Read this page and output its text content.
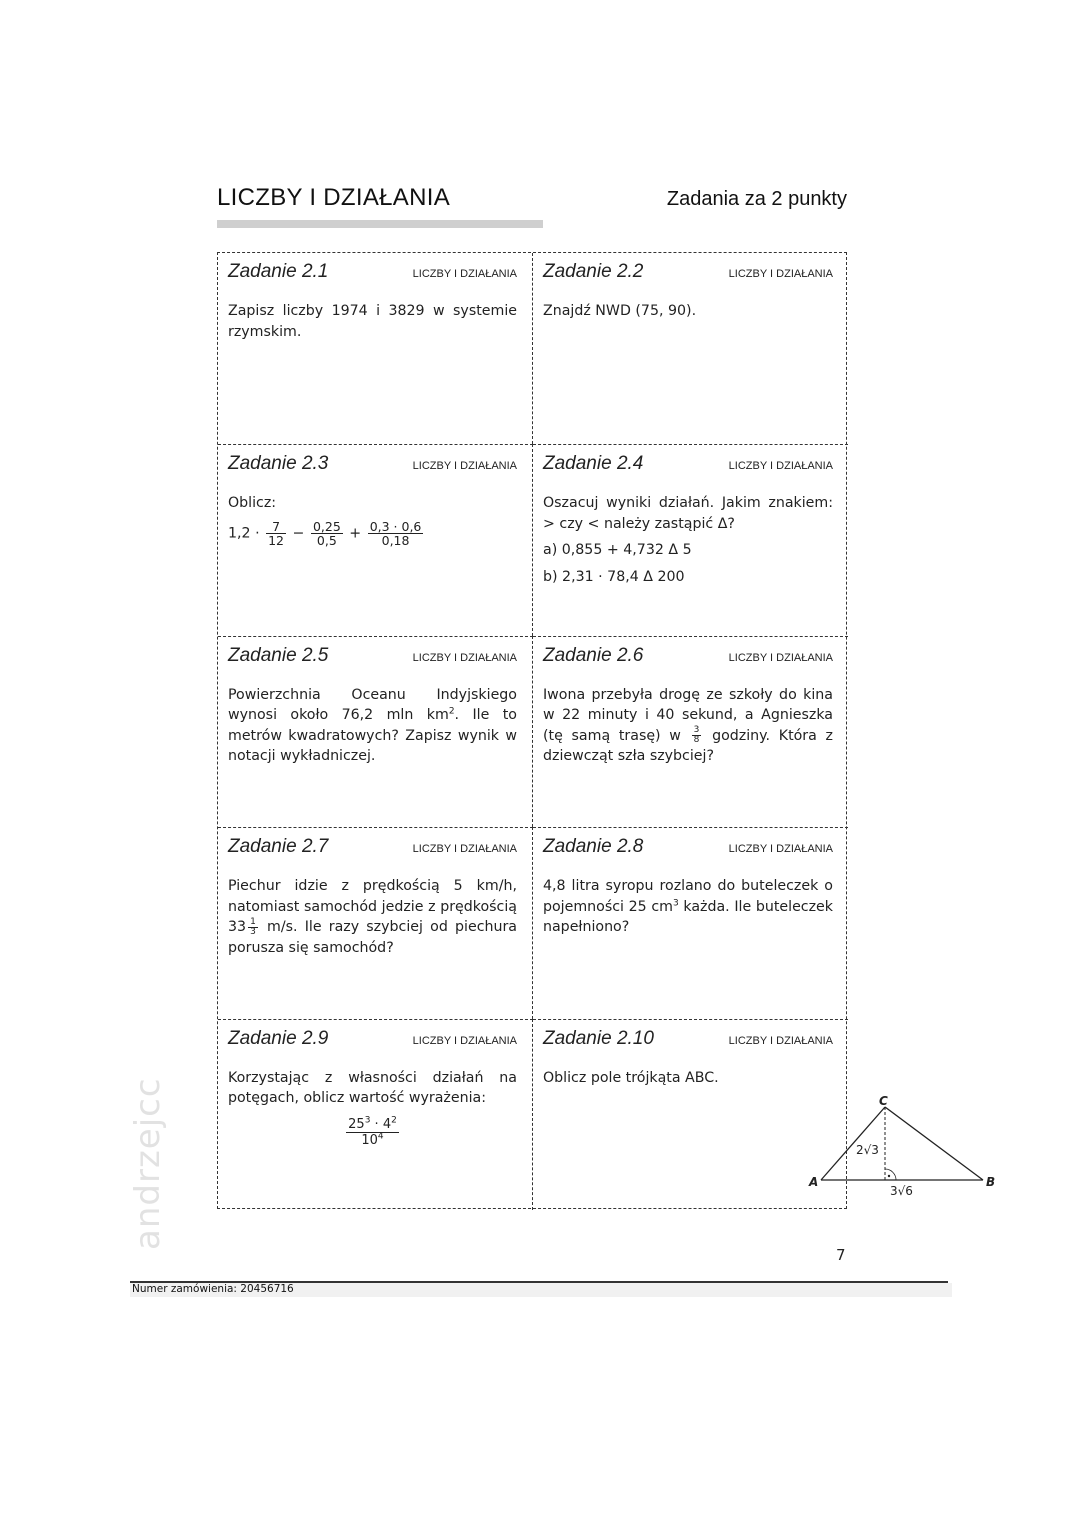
LICZBY I DZIAŁANIA	Zadania za 2 punkty
Zadanie 2.1	LICZBY I DZIAŁANIA
Zapisz liczby 1974 i 3829 w systemie rzymskim.
Zadanie 2.2	LICZBY I DZIAŁANIA
Znajdź NWD (75, 90).
Zadanie 2.3	LICZBY I DZIAŁANIA
Oblicz:
$1,2 \cdot \frac{7}{12} - \frac{0,25}{0,5} + \frac{0,3 \cdot 0,6}{0,18}$
Zadanie 2.4	LICZBY I DZIAŁANIA
Oszacuj wyniki działań. Jakim znakiem: > czy < należy zastąpić Δ?
a) 0,855 + 4,732 Δ 5
b) 2,31 · 78,4 Δ 200
Zadanie 2.5	LICZBY I DZIAŁANIA
Powierzchnia Oceanu Indyjskiego wynosi około 76,2 mln $km^2$. Ile to metrów kwadratowych? Zapisz wynik w notacji wykładniczej.
Zadanie 2.6	LICZBY I DZIAŁANIA
Iwona przebyła drogę ze szkoły do kina w 22 minuty i 40 sekund, a Agnieszka (tę samą trasę) w $\frac{3}{8}$ godziny. Która z dziewcząt szła szybciej?
Zadanie 2.7	LICZBY I DZIAŁANIA
Piechur idzie z prędkością 5 km/h, natomiast samochód jedzie z prędkością $33 \frac{1}{3} m/s$. Ile razy szybciej od piechura porusza się samochód?
Zadanie 2.8	LICZBY I DZIAŁANIA
4,8 litra syropu rozlano do buteleczek o pojemności 25 $cm^3$ każda. Ile buteleczek napełniono?
Zadanie 2.9	LICZBY I DZIAŁANIA
Korzystając z własności działań na potęgach, oblicz wartość wyrażenia:
$\frac{25^3 \cdot 4^2}{10^4}$
Zadanie 2.10	LICZBY I DZIAŁANIA
Oblicz pole trójkąta ABC.
A	B
C
2√3
3√6
andrzejcc
7
Numer zamówienia: 20456716
